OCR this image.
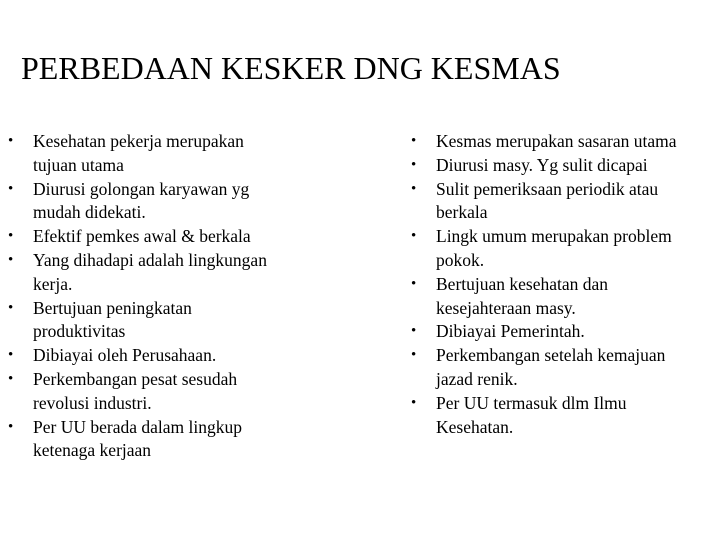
PERBEDAAN KESKER DNG KESMAS
• Kesehatan pekerja merupakan
tujuan utama
• Diurusi golongan karyawan yg
mudah didekati.
• Efektif pemkes awal & berkala
• Yang dihadapi adalah lingkungan
kerja.
• Bertujuan peningkatan
produktivitas
• Dibiayai oleh Perusahaan.
• Perkembangan pesat sesudah
revolusi industri.
• Per UU berada dalam lingkup
ketenaga kerjaan
• Kesmas merupakan sasaran utama
• Diurusi masy. Yg sulit dicapai
• Sulit pemeriksaan periodik atau
berkala
• Lingk umum merupakan problem
pokok.
• Bertujuan kesehatan dan
kesejahteraan masy.
• Dibiayai Pemerintah.
• Perkembangan setelah kemajuan
jazad renik.
• Per UU termasuk dlm Ilmu
Kesehatan.
